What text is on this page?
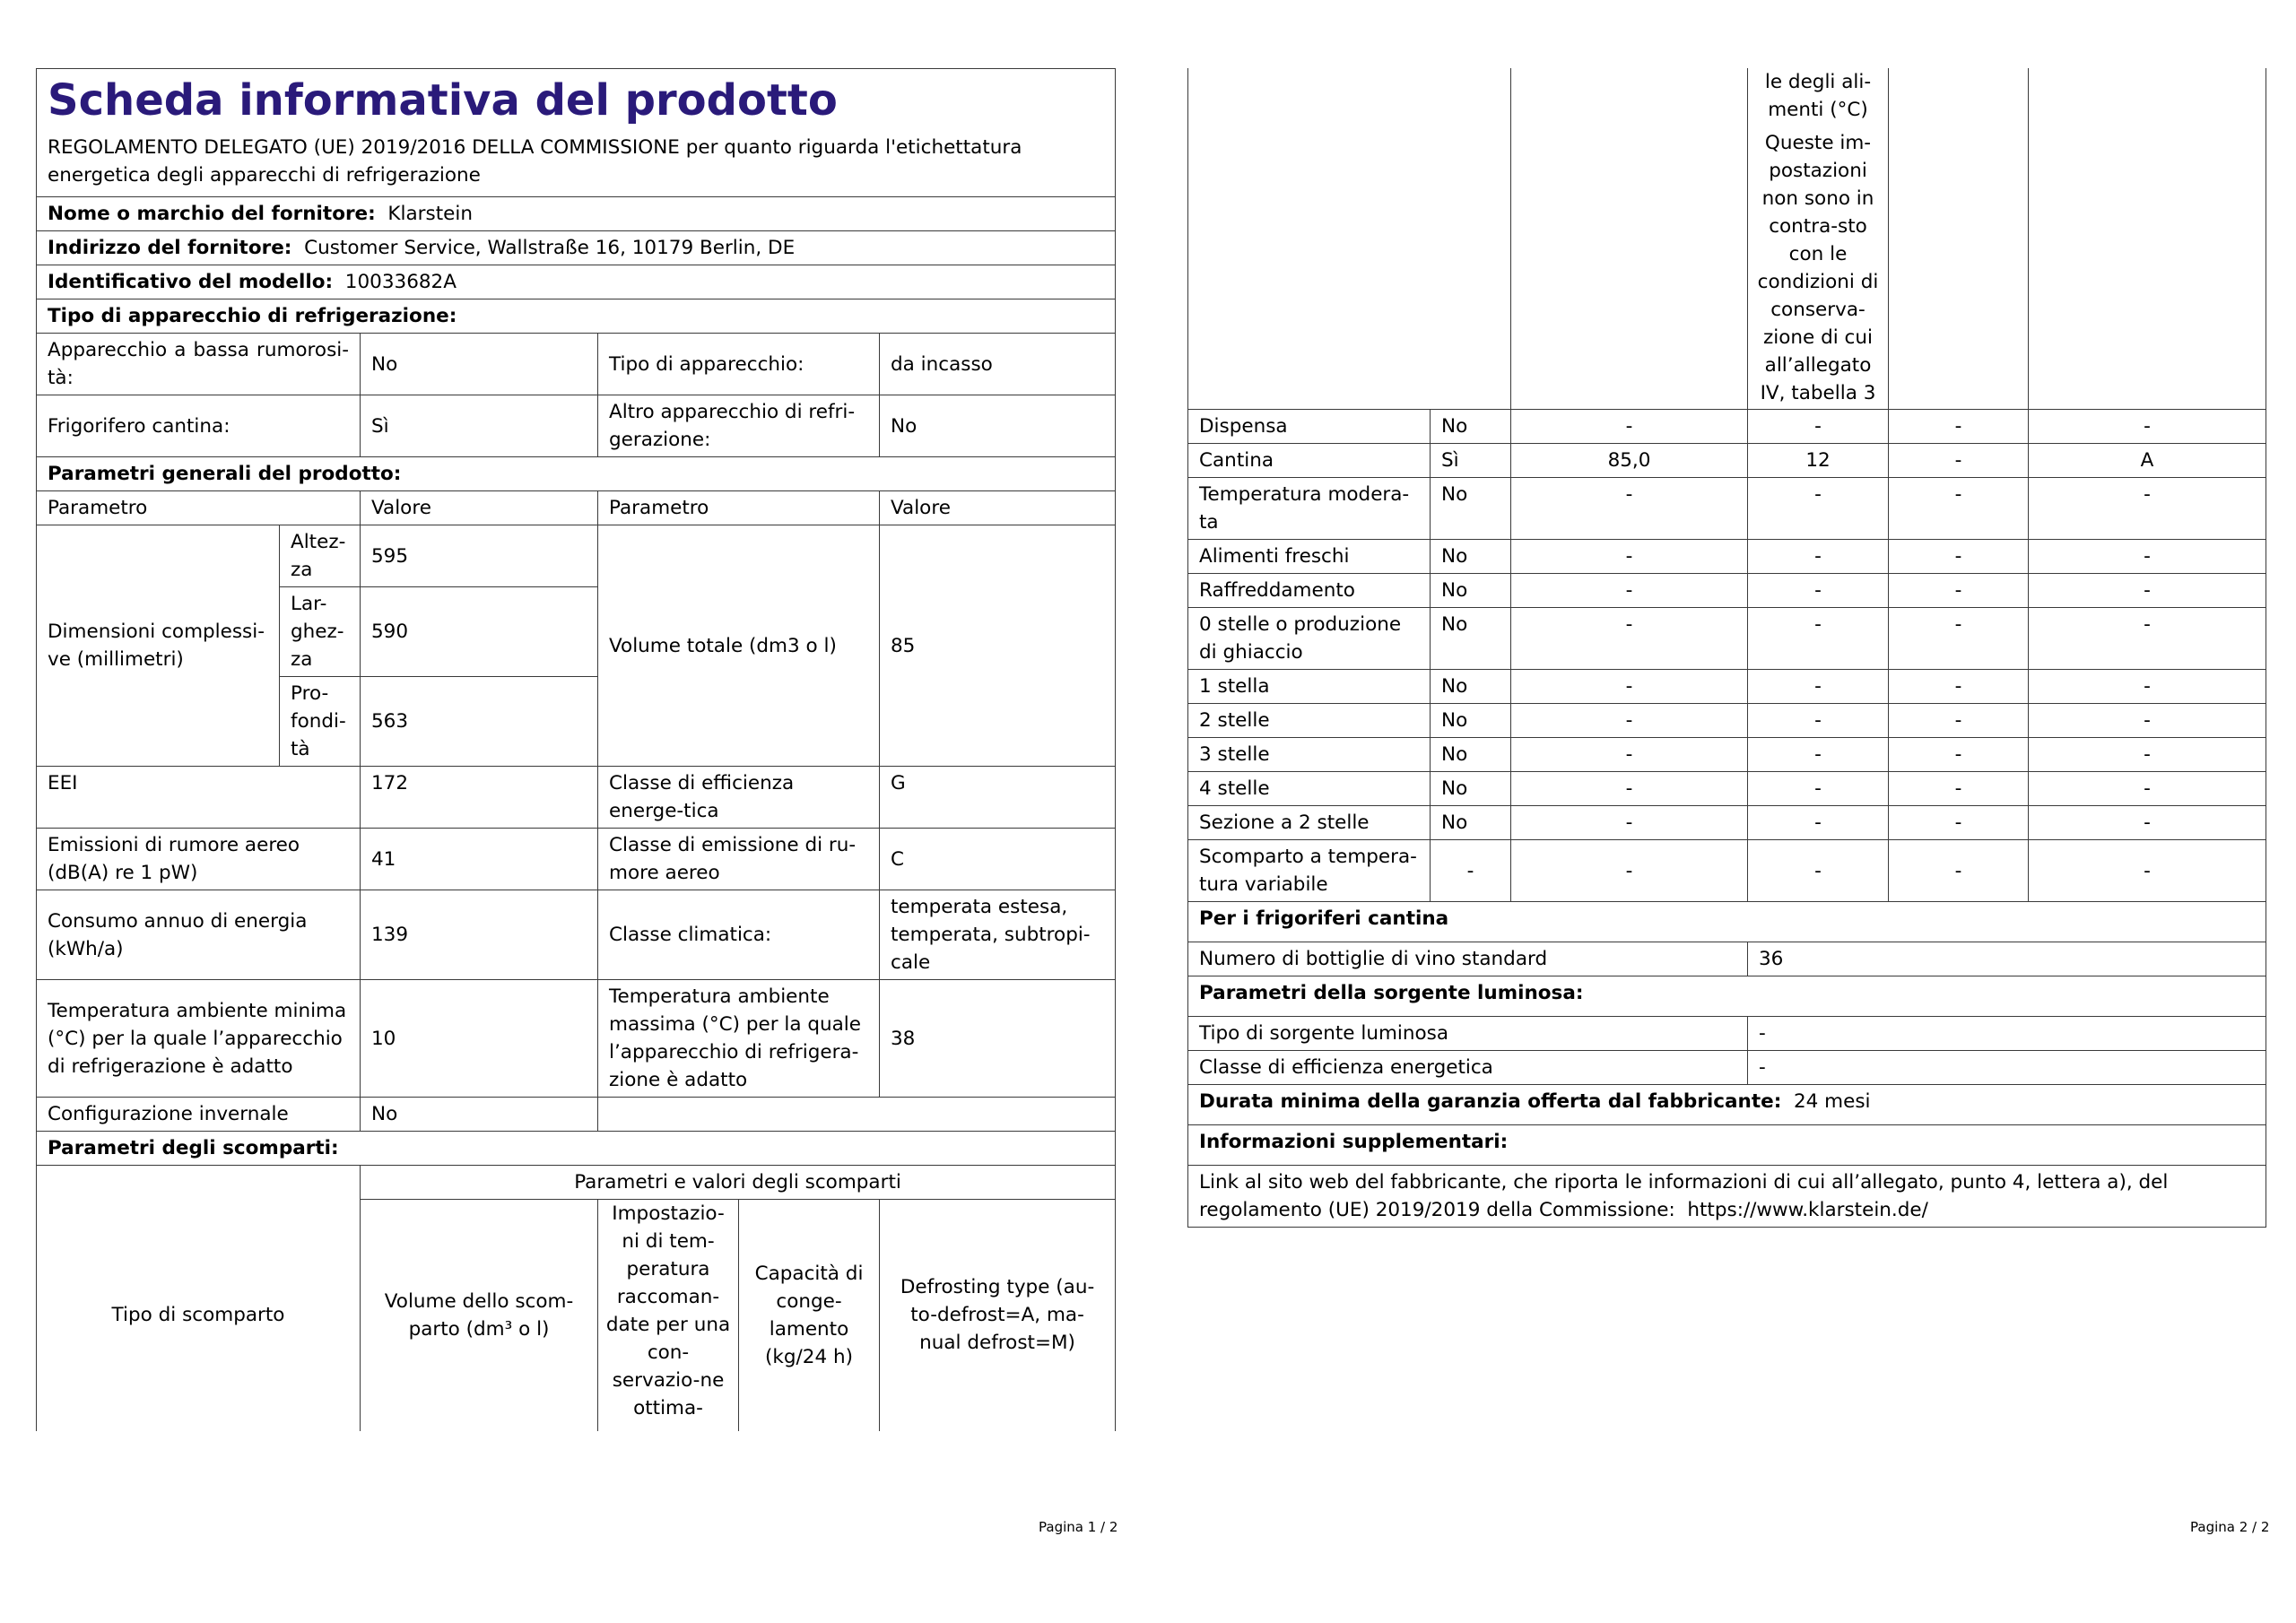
Scheda informativa del prodotto
REGOLAMENTO DELEGATO (UE) 2019/2016 DELLA COMMISSIONE per quanto riguarda l'etichettatura energetica degli apparecchi di refrigerazione					

Nome o marchio del fornitore: Klarstein					
Indirizzo del fornitore: Customer Service, Wallstraße 16, 10179 Berlin, DE					
Identificativo del modello: 10033682A					
Tipo di apparecchio di refrigerazione:					
Apparecchio a bassa rumorosi-tà:		No	Tipo di apparecchio:		da incasso
Frigorifero cantina:		Sì	Altro apparecchio di refri-gerazione:		No
Parametri generali del prodotto:					
Parametro		Valore	Parametro		Valore
Dimensioni complessi-ve (millimetri)	Altez-za	595	Volume totale (dm3 o l)		85
	Lar-ghez-za	590			
	Pro-fondi-tà	563			
EEI		172	Classe di efficienza energe-tica		G
Emissioni di rumore aereo (dB(A) re 1 pW)		41	Classe di emissione di ru-more aereo		C
Consumo annuo di energia (kWh/a)		139	Classe climatica:		temperata estesa, temperata, subtropi-cale
Temperatura ambiente minima (°C) per la quale l’apparecchio di refrigerazione è adatto		10	Temperatura ambiente massima (°C) per la quale l’apparecchio di refrigera-zione è adatto		38
Configurazione invernale		No			
Parametri degli scomparti:					
		Parametri e valori degli scomparti			
Tipo di scomparto		Volume dello scom-parto (dm³ o l)	Impostazio-ni di tem-peratura raccoman-date per una con-servazio-ne ottima-	Capacità di conge-lamento (kg/24 h)	Defrosting type (au-to-defrost=A, ma-nual defrost=M)
Pagina 1 / 2

			le degli ali-menti (°C)
Queste im-postazioni non sono in contra-sto con le condizioni di conserva-zione di cui all’allegato IV, tabella 3		

Dispensa	No	-	-	-	-
Cantina	Sì	85,0	12	-	A
Temperatura modera-ta	No	-	-	-	-
Alimenti freschi	No	-	-	-	-
Raffreddamento	No	-	-	-	-
0 stelle o produzione di ghiaccio	No	-	-	-	-
1 stella	No	-	-	-	-
2 stelle	No	-	-	-	-
3 stelle	No	-	-	-	-
4 stelle	No	-	-	-	-
Sezione a 2 stelle	No	-	-	-	-
Scomparto a tempera-tura variabile	-	-	-	-	-
Per i frigoriferi cantina					
Numero di bottiglie di vino standard			36		
Parametri della sorgente luminosa:					
Tipo di sorgente luminosa			-		
Classe di efficienza energetica			-		
Durata minima della garanzia offerta dal fabbricante: 24 mesi					
Informazioni supplementari:					
Link al sito web del fabbricante, che riporta le informazioni di cui all’allegato, punto 4, lettera a), del regolamento (UE) 2019/2019 della Commissione: https://www.klarstein.de/					
Pagina 2 / 2
